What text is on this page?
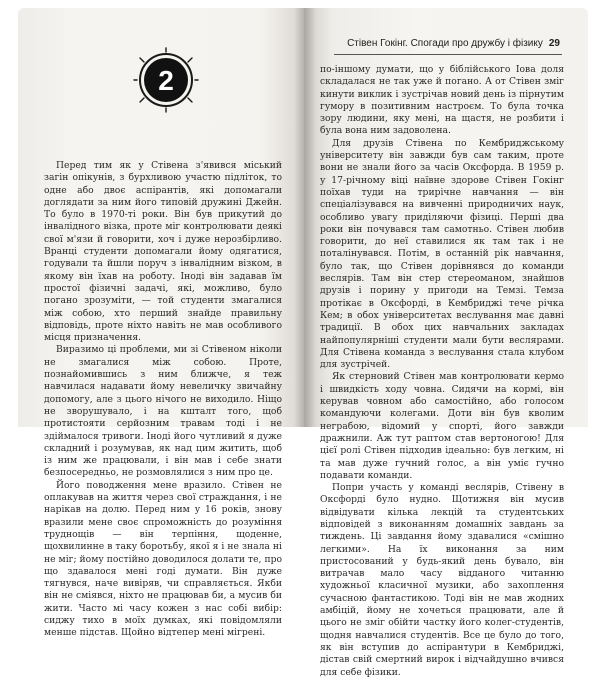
2

Перед тим як у Стівена з'явився міський загін опікунів, з бурхливою участю підліток, то одне або двоє аспірантів, які допомагали доглядати за ним його типовій дружині Джейн. То було в 1970-ті роки. Він був прикутий до інвалідного візка, проте міг контролювати деякі свої м'язи й говорити, хоч і дуже нерозбірливо. Вранці студенти допомагали йому одягатися, годували та йшли поруч з інвалідним візком, в якому він їхав на роботу. Іноді він задавав їм простої фізичні задачі, які, можливо, було погано зрозуміти, — той студенти змагалися між собою, хто перший знайде правильну відповідь, проте ніхто навіть не мав особливого місця призначення.

Виразимо ці проблеми, ми зі Стівеном ніколи не змагалися між собою. Проте, познайомившись з ним ближче, я теж навчилася надавати йому невеличку звичайну допомогу, але з цього нічого не виходило. Ніщо не зворушувало, і на кшталт того, щоб протистояти серйозним травам тоді і не здіймалося тривоги. Іноді його чутливий я дуже складний і розумував, як над цим житить, щоб із ним же працювали, і він мав і себе знати безпосередньо, не розмовлялися з ним про це.

Його поводження мене вразило. Стівен не оплакував на життя через свої страждання, і не нарікав на долю. Перед ним у 16 років, знову вразили мене своє спроможність до розуміння труднощів — він терпіння, щоденне, щохвилинне в таку боротьбу, якої я і не знала ні не міг; йому постійно доводилося долати те, про що здавалося мені годі думати. Він дуже тягнувся, наче вивіряв, чи справляється. Якби він не сміявся, ніхто не працював би, а мусив би жити. Часто мі часу кожен з нас собі вибір: сиджу тихо в моїх думках, які повідомляли менше підстав. Щойно відтепер мені мігрені.

Стівен Гокінг. Спогади про дружбу і фізику 29

по-іншому думати, що у біблійського Іова доля складалася не так уже й погано. А от Стівен зміг кинути виклик і зустрічав новий день із пірнутим гумору в позитивним настроєм. То була точка зору людини, яку мені, на щастя, не розбити і була вона ним задоволена.

Для друзів Стівена по Кембриджському університету він завжди був сам таким, проте вони не знали його за часів Оксфорда. В 1959 р. у 17-річному віці наївне здорове Стівен Гокінг поїхав туди на трирічне навчання — він спеціалізувався на вивченні природничих наук, особливо увагу приділяючи фізиці. Перші два роки він почувався там самотньо. Стівен любив говорити, до неї ставилися як там так і не поталінувався. Потім, в останній рік навчання, було так, що Стівен дорівнявся до команди веслярів. Там він стер стереоманом, знайшов друзів і порину у пригоди на Темзі. Темза протікає в Оксфорді, в Кембриджі тече річка Кем; в обох університетах веслування має давні традиції. В обох цих навчальних закладах найпопулярніші студенти мали бути веслярами. Для Стівена команда з веслування стала клубом для зустрічей.

Як стерновий Стівен мав контролювати кермо і швидкість ходу човна. Сидячи на кормі, він керував човном або самостійно, або голосом командуючи колегами. Доти він був кволим неграбою, відомий у спорті, його завжди дражнили. Аж тут раптом став вертоногою! Для цієї ролі Стівен підходив ідеально: був легким, ні та мав дуже гучний голос, а він уміє гучно подавати команди.

Попри участь у команді веслярів, Стівену в Оксфорді було нудно. Щотижня він мусив відвідувати кілька лекцій та студентських відповідей з виконанням домашніх завдань за тиждень. Ці завдання йому здавалися «смішно легкими». На їх виконання за ним пристосований у будь-який день бувало, він витрачав мало часу відданого читанню художньої класичної музики, або захоплення сучасною фантастикою. Тоді він не мав жодних амбіцій, йому не хочеться працювати, але й цього не зміг обійти частку його колег-студентів, щодня навчалися студентів. Все це було до того, як він вступив до аспірантури в Кембриджі, дістав свій смертний вирок і відчайдушно вчився для себе фізики.
